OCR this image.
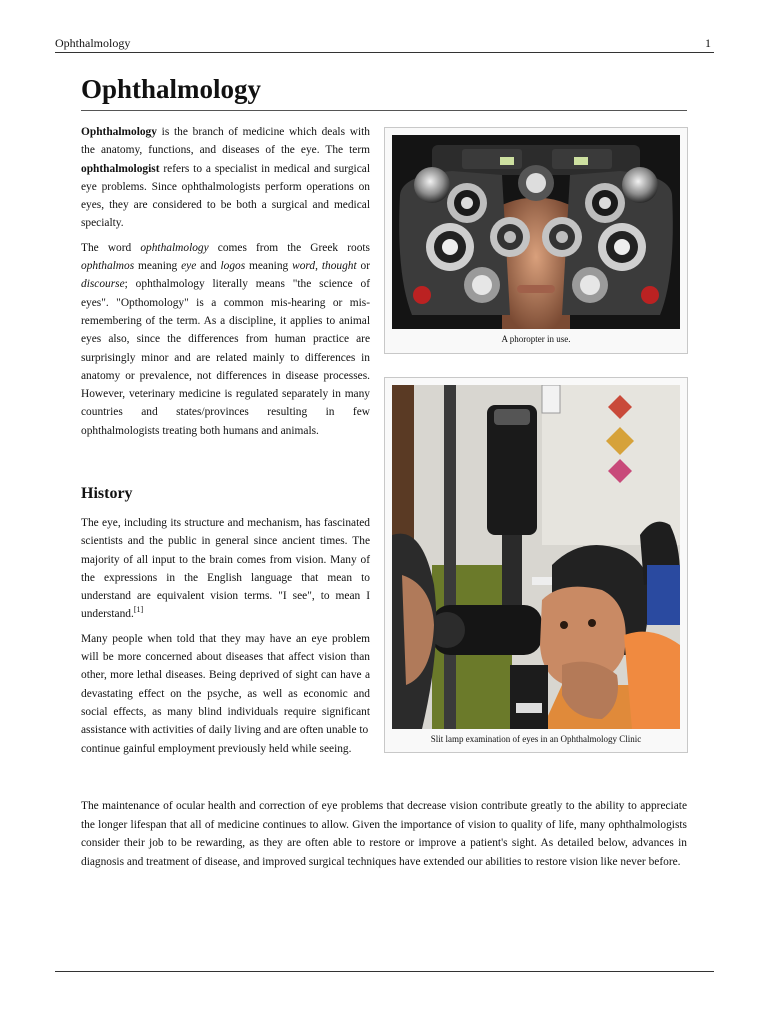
Ophthalmology	1
Ophthalmology

Ophthalmology is the branch of medicine which deals with the anatomy, functions, and diseases of the eye. The term ophthalmologist refers to a specialist in medical and surgical eye problems. Since ophthalmologists perform operations on eyes, they are considered to be both a surgical and medical specialty.

The word ophthalmology comes from the Greek roots ophthalmos meaning eye and logos meaning word, thought or discourse; ophthalmology literally means "the science of eyes". "Opthomology" is a common mis-hearing or mis-remembering of the term. As a discipline, it applies to animal eyes also, since the differences from human practice are surprisingly minor and are related mainly to differences in anatomy or prevalence, not differences in disease processes. However, veterinary medicine is regulated separately in many countries and states/provinces resulting in few ophthalmologists treating both humans and animals.

History

The eye, including its structure and mechanism, has fascinated scientists and the public in general since ancient times. The majority of all input to the brain comes from vision. Many of the expressions in the English language that mean to understand are equivalent vision terms. "I see", to mean I understand.[1]

Many people when told that they may have an eye problem will be more concerned about diseases that affect vision than other, more lethal diseases. Being deprived of sight can have a devastating effect on the psyche, as well as economic and social effects, as many blind individuals require significant assistance with activities of daily living and are often unable to
continue gainful employment previously held while seeing.

The maintenance of ocular health and correction of eye problems that decrease vision contribute greatly to the ability to appreciate the longer lifespan that all of medicine continues to allow. Given the importance of vision to quality of life, many ophthalmologists consider their job to be rewarding, as they are often able to restore or improve a patient's sight. As detailed below, advances in diagnosis and treatment of disease, and improved surgical techniques have extended our abilities to restore vision like never before.

A phoropter in use.
Slit lamp examination of eyes in an Ophthalmology Clinic
